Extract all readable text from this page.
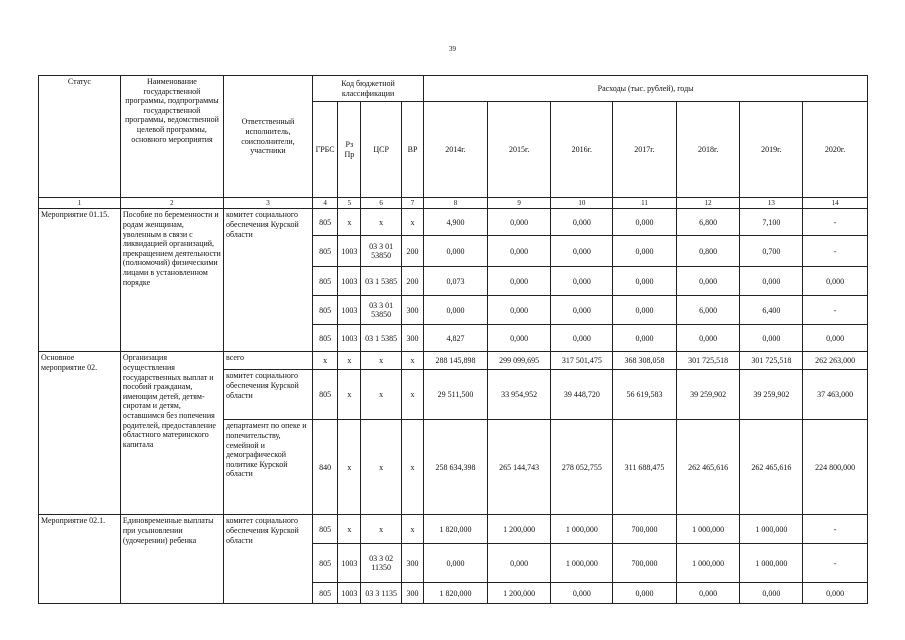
39
Статус	Наименование государственной программы, подпрограммы государственной программы, ведомственной целевой программы, основного мероприятия	Ответственный исполнитель, соисполнители, участники	Код бюджетной классификации				Расходы (тыс. рублей), годы						
			ГРБС	Рз Пр	ЦСР	ВР	2014г.	2015г.	2016г.	2017г.	2018г.	2019г.	2020г.
1	2	3	4	5	6	7	8	9	10	11	12	13	14
Мероприятие 01.15.	Пособие по беременности и родам женщинам, уволенным в связи с ликвидацией организаций, прекращением деятельности (полномочий) физическими лицами в установленном порядке	комитет социального обеспечения Курской области	805	х	х	х	4,900	0,000	0,000	0,000	6,800	7,100	-
			805	1003	03 3 01 53850	200	0,000	0,000	0,000	0,000	0,800	0,700	-
			805	1003	03 1 5385	200	0,073	0,000	0,000	0,000	0,000	0,000	0,000
			805	1003	03 3 01 53850	300	0,000	0,000	0,000	0,000	6,000	6,400	-
			805	1003	03 1 5385	300	4,827	0,000	0,000	0,000	0,000	0,000	0,000
Основное мероприятие 02.	Организация осуществления государственных выплат и пособий гражданам, имеющим детей, детям-сиротам и детям, оставшимся без попечения родителей, предоставление областного материнского капитала	всего	х	х	х	х	288 145,898	299 099,695	317 501,475	368 308,058	301 725,518	301 725,518	262 263,000
		комитет социального обеспечения Курской области	805	х	х	х	29 511,500	33 954,952	39 448,720	56 619,583	39 259,902	39 259,902	37 463,000
		департамент по опеке и попечительству, семейной и демографической политике Курской области	840	х	х	х	258 634,398	265 144,743	278 052,755	311 688,475	262 465,616	262 465,616	224 800,000
Мероприятие 02.1.	Единовременные выплаты при усыновлении (удочерении) ребенка	комитет социального обеспечения Курской области	805	х	х	х	1 820,000	1 200,000	1 000,000	700,000	1 000,000	1 000,000	-
			805	1003	03 3 02 11350	300	0,000	0,000	1 000,000	700,000	1 000,000	1 000,000	-
			805	1003	03 3 1135	300	1 820,000	1 200,000	0,000	0,000	0,000	0,000	0,000
